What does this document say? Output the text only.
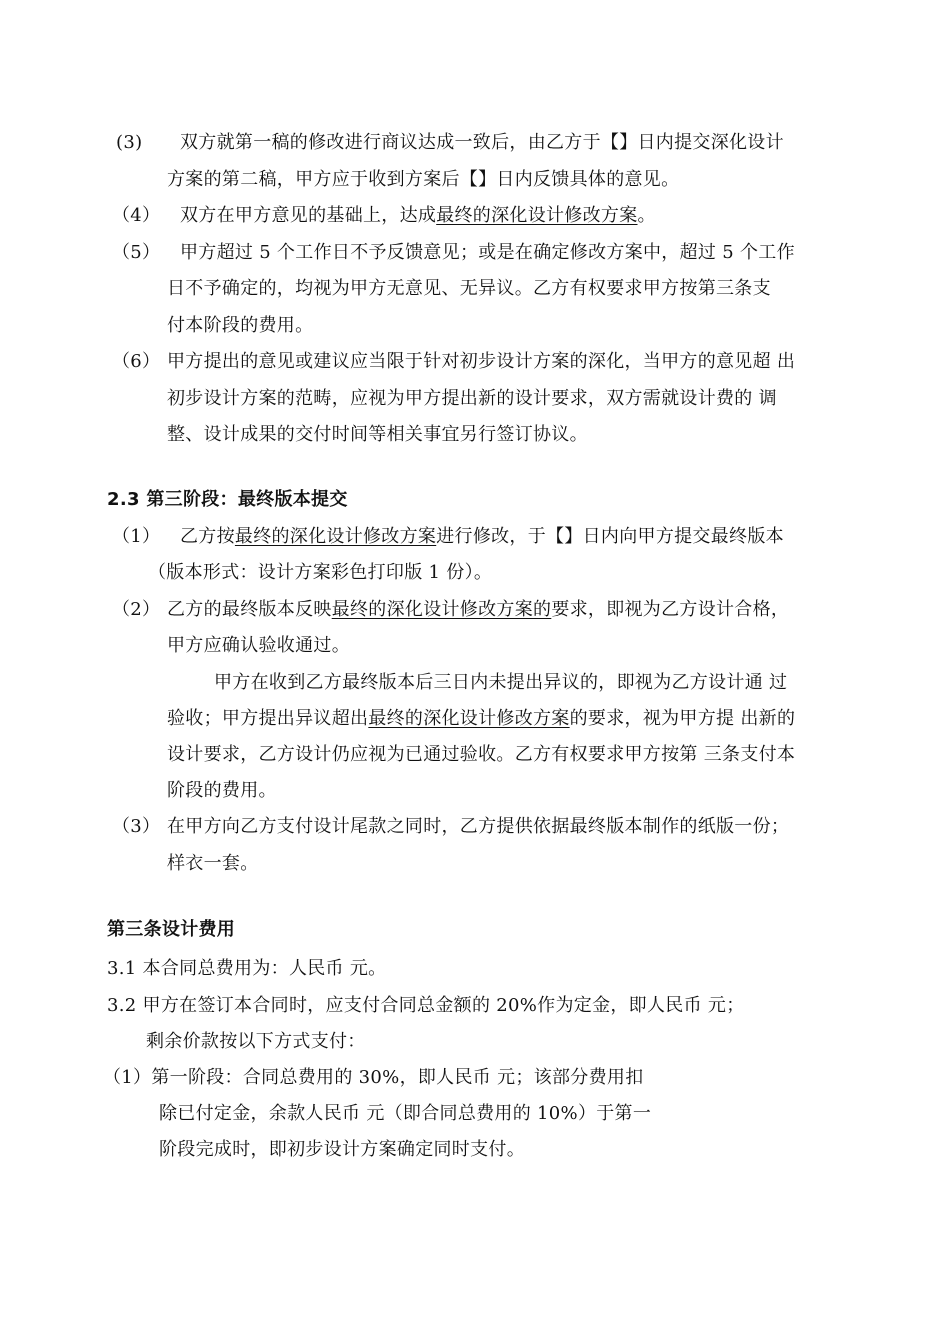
(3) 双方就第一稿的修改进行商议达成一致后，由乙方于【】日内提交深化设计
方案的第二稿，甲方应于收到方案后【】日内反馈具体的意见。
（4） 双方在甲方意见的基础上，达成最终的深化设计修改方案。
（5） 甲方超过 5 个工作日不予反馈意见；或是在确定修改方案中，超过 5 个工作
日不予确定的，均视为甲方无意见、无异议。乙方有权要求甲方按第三条支
付本阶段的费用。
（6） 甲方提出的意见或建议应当限于针对初步设计方案的深化，当甲方的意见超 出
初步设计方案的范畴，应视为甲方提出新的设计要求，双方需就设计费的 调
整、设计成果的交付时间等相关事宜另行签订协议。
2.3 第三阶段：最终版本提交
（1） 乙方按最终的深化设计修改方案进行修改，于【】日内向甲方提交最终版本
（版本形式：设计方案彩色打印版 1 份）。
（2） 乙方的最终版本反映最终的深化设计修改方案的要求，即视为乙方设计合格，
甲方应确认验收通过。
甲方在收到乙方最终版本后三日内未提出异议的，即视为乙方设计通 过
验收；甲方提出异议超出最终的深化设计修改方案的要求，视为甲方提 出新的
设计要求，乙方设计仍应视为已通过验收。乙方有权要求甲方按第 三条支付本
阶段的费用。
（3） 在甲方向乙方支付设计尾款之同时，乙方提供依据最终版本制作的纸版一份；
样衣一套。
第三条设计费用
3.1 本合同总费用为：人民币 元。
3.2 甲方在签订本合同时，应支付合同总金额的 20%作为定金，即人民币 元；
剩余价款按以下方式支付：
（1）第一阶段：合同总费用的 30%，即人民币 元；该部分费用扣
除已付定金，余款人民币 元（即合同总费用的 10%）于第一
阶段完成时，即初步设计方案确定同时支付。
